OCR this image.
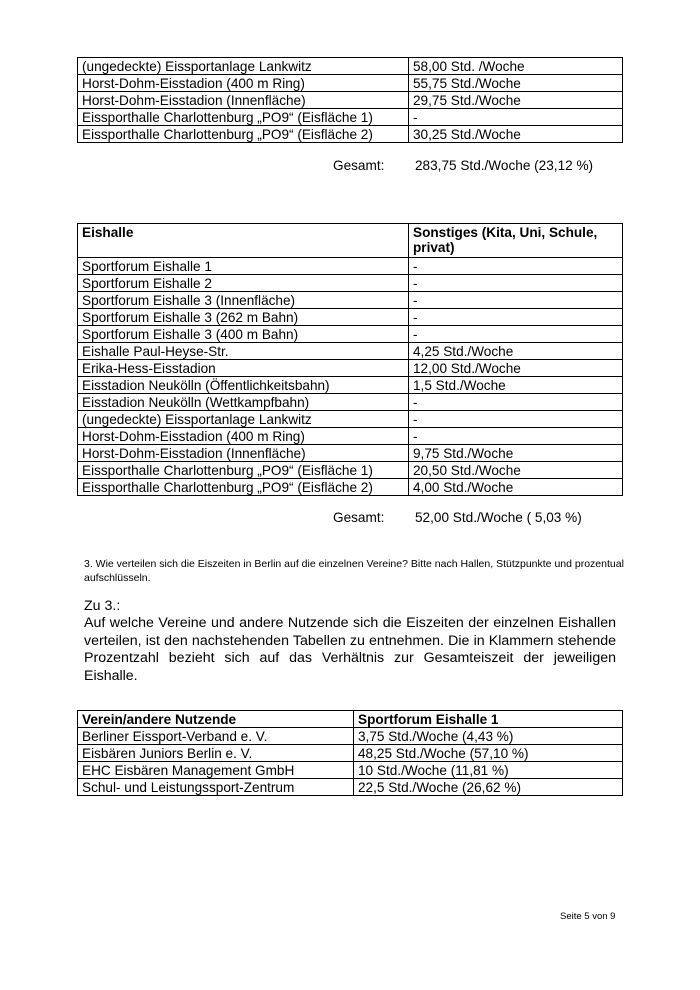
(ungedeckte) Eissportanlage Lankwitz	58,00 Std. /Woche
Horst-Dohm-Eisstadion (400 m Ring)	55,75 Std./Woche
Horst-Dohm-Eisstadion (Innenfläche)	29,75 Std./Woche
Eissporthalle Charlottenburg „PO9“ (Eisfläche 1)	-
Eissporthalle Charlottenburg „PO9“ (Eisfläche 2)	30,25 Std./Woche
Gesamt: 283,75 Std./Woche (23,12 %)
Eishalle	Sonstiges (Kita, Uni, Schule, privat)
Sportforum Eishalle 1	-
Sportforum Eishalle 2	-
Sportforum Eishalle 3 (Innenfläche)	-
Sportforum Eishalle 3 (262 m Bahn)	-
Sportforum Eishalle 3 (400 m Bahn)	-
Eishalle Paul-Heyse-Str.	4,25 Std./Woche
Erika-Hess-Eisstadion	12,00 Std./Woche
Eisstadion Neukölln (Öffentlichkeitsbahn)	1,5 Std./Woche
Eisstadion Neukölln (Wettkampfbahn)	-
(ungedeckte) Eissportanlage Lankwitz	-
Horst-Dohm-Eisstadion (400 m Ring)	-
Horst-Dohm-Eisstadion (Innenfläche)	9,75 Std./Woche
Eissporthalle Charlottenburg „PO9“ (Eisfläche 1)	20,50 Std./Woche
Eissporthalle Charlottenburg „PO9“ (Eisfläche 2)	4,00 Std./Woche
Gesamt: 52,00 Std./Woche ( 5,03 %)
3. Wie verteilen sich die Eiszeiten in Berlin auf die einzelnen Vereine? Bitte nach Hallen, Stützpunkte und prozentual aufschlüsseln.
Zu 3.:
Auf welche Vereine und andere Nutzende sich die Eiszeiten der einzelnen Eishallen verteilen, ist den nachstehenden Tabellen zu entnehmen. Die in Klammern stehende Prozentzahl bezieht sich auf das Verhältnis zur Gesamteiszeit der jeweiligen Eishalle.
Verein/andere Nutzende	Sportforum Eishalle 1
Berliner Eissport-Verband e. V.	3,75 Std./Woche (4,43 %)
Eisbären Juniors Berlin e. V.	48,25 Std./Woche (57,10 %)
EHC Eisbären Management GmbH	10 Std./Woche (11,81 %)
Schul- und Leistungssport-Zentrum	22,5 Std./Woche (26,62 %)
Seite 5 von 9
